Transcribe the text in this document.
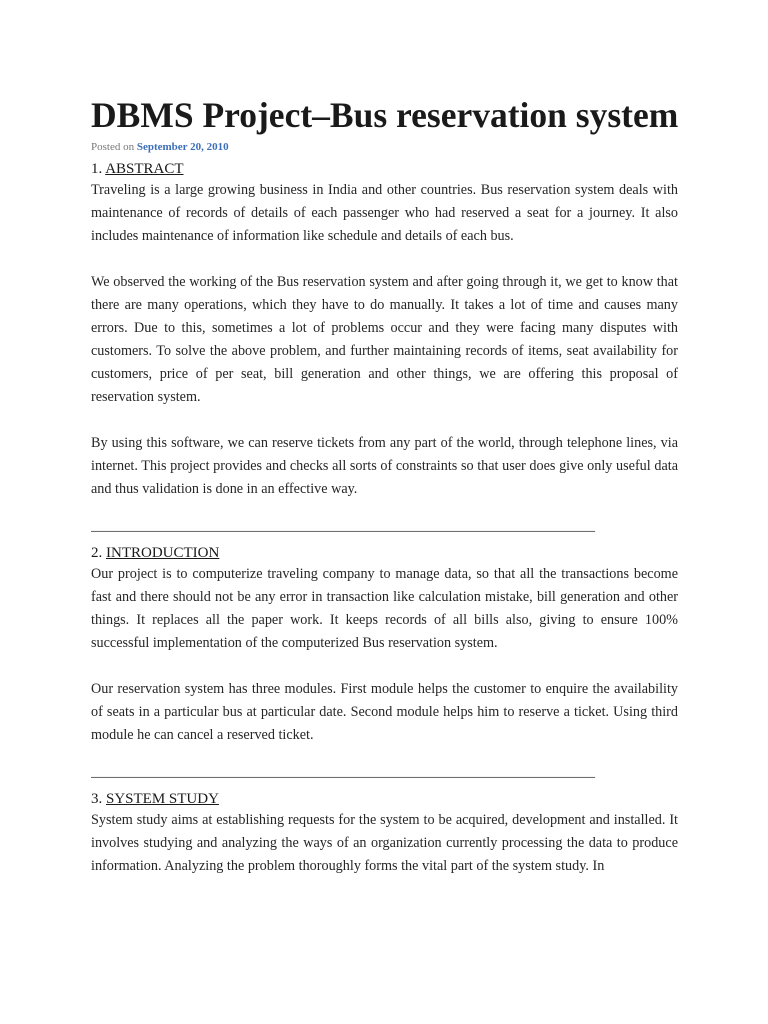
DBMS Project–Bus reservation system
Posted on September 20, 2010
1. ABSTRACT

Traveling is a large growing business in India and other countries. Bus reservation system deals with maintenance of records of details of each passenger who had reserved a seat for a journey. It also includes maintenance of information like schedule and details of each bus.

We observed the working of the Bus reservation system and after going through it, we get to know that there are many operations, which they have to do manually. It takes a lot of time and causes many errors. Due to this, sometimes a lot of problems occur and they were facing many disputes with customers. To solve the above problem, and further maintaining records of items, seat availability for customers, price of per seat, bill generation and other things, we are offering this proposal of reservation system.

By using this software, we can reserve tickets from any part of the world, through telephone lines, via internet. This project provides and checks all sorts of constraints so that user does give only useful data and thus validation is done in an effective way.

________________________________________________________________________
2. INTRODUCTION

Our project is to computerize traveling company to manage data, so that all the transactions become fast and there should not be any error in transaction like calculation mistake, bill generation and other things. It replaces all the paper work. It keeps records of all bills also, giving to ensure 100% successful implementation of the computerized Bus reservation system.

Our reservation system has three modules. First module helps the customer to enquire the availability of seats in a particular bus at particular date. Second module helps him to reserve a ticket. Using third module he can cancel a reserved ticket.

________________________________________________________________________
3. SYSTEM STUDY

System study aims at establishing requests for the system to be acquired, development and installed. It involves studying and analyzing the ways of an organization currently processing the data to produce information. Analyzing the problem thoroughly forms the vital part of the system study. In
